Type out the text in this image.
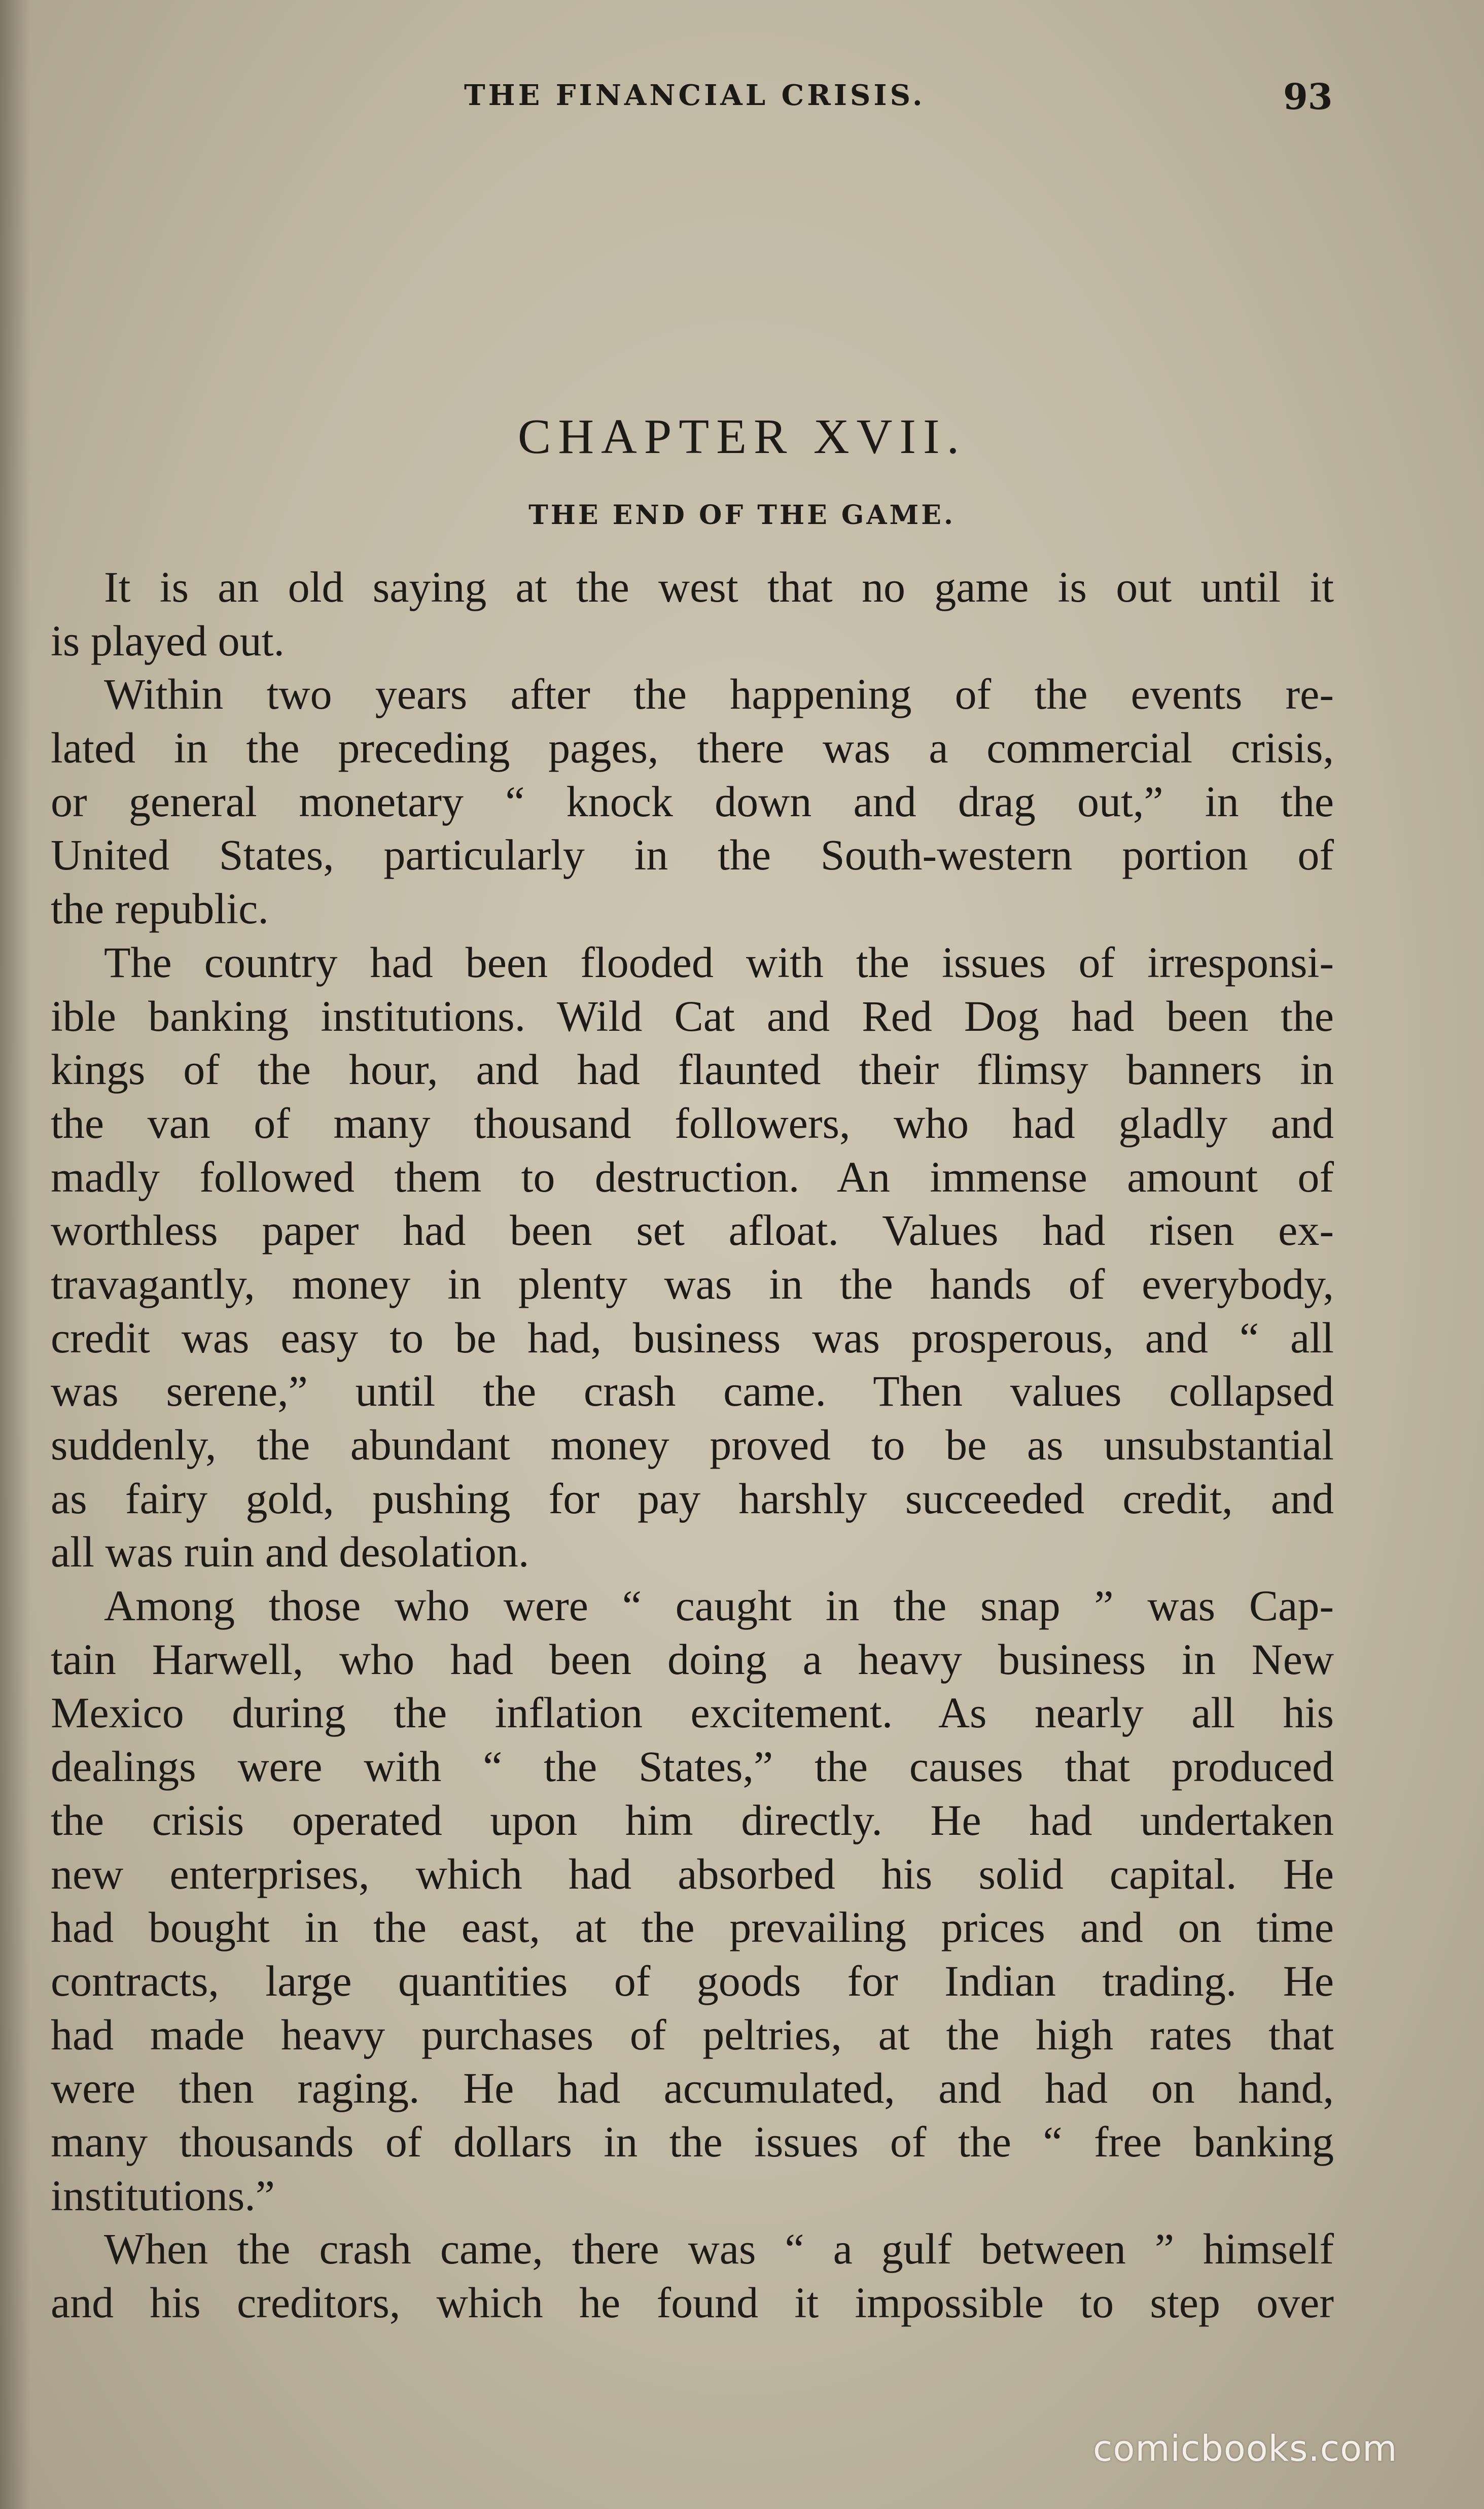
THE FINANCIAL CRISIS.	93
CHAPTER XVII.
THE END OF THE GAME.
It is an old saying at the west that no game is out until it
is played out.
Within two years after the happening of the events re-
lated in the preceding pages, there was a commercial crisis,
or general monetary “ knock down and drag out,” in the
United States, particularly in the South-western portion of
the republic.
The country had been flooded with the issues of irresponsi-
ible banking institutions. Wild Cat and Red Dog had been the
kings of the hour, and had flaunted their flimsy banners in
the van of many thousand followers, who had gladly and
madly followed them to destruction. An immense amount of
worthless paper had been set afloat. Values had risen ex-
travagantly, money in plenty was in the hands of everybody,
credit was easy to be had, business was prosperous, and “ all
was serene,” until the crash came. Then values collapsed
suddenly, the abundant money proved to be as unsubstantial
as fairy gold, pushing for pay harshly succeeded credit, and
all was ruin and desolation.
Among those who were “ caught in the snap ” was Cap-
tain Harwell, who had been doing a heavy business in New
Mexico during the inflation excitement. As nearly all his
dealings were with “ the States,” the causes that produced
the crisis operated upon him directly. He had undertaken
new enterprises, which had absorbed his solid capital. He
had bought in the east, at the prevailing prices and on time
contracts, large quantities of goods for Indian trading. He
had made heavy purchases of peltries, at the high rates that
were then raging. He had accumulated, and had on hand,
many thousands of dollars in the issues of the “ free banking
institutions.”
When the crash came, there was “ a gulf between ” himself
and his creditors, which he found it impossible to step over
comicbooks.com
